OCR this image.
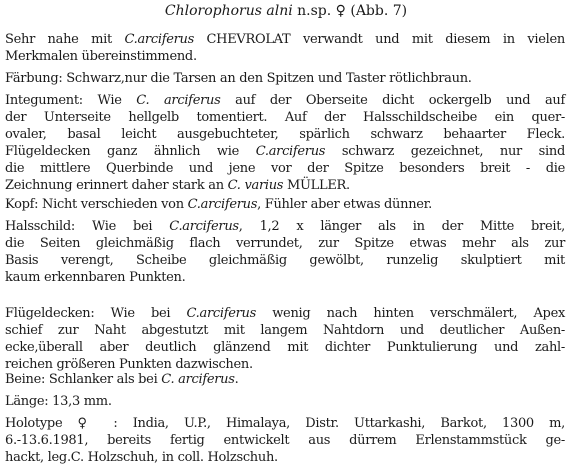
Chlorophorus alni n.sp. ♀ (Abb. 7)
Sehr nahe mit C.arciferus CHEVROLAT verwandt und mit diesem in vielen
Merkmalen übereinstimmend.
Färbung: Schwarz,nur die Tarsen an den Spitzen und Taster rötlichbraun.
Integument: Wie C. arciferus auf der Oberseite dicht ockergelb und auf
der Unterseite hellgelb tomentiert. Auf der Halsschildscheibe ein quer-
ovaler, basal leicht ausgebuchteter, spärlich schwarz behaarter Fleck.
Flügeldecken ganz ähnlich wie C.arciferus schwarz gezeichnet, nur sind
die mittlere Querbinde und jene vor der Spitze besonders breit - die
Zeichnung erinnert daher stark an C. varius MÜLLER.
Kopf: Nicht verschieden von C.arciferus, Fühler aber etwas dünner.
Halsschild: Wie bei C.arciferus, 1,2 x länger als in der Mitte breit,
die Seiten gleichmäßig flach verrundet, zur Spitze etwas mehr als zur
Basis verengt, Scheibe gleichmäßig gewölbt, runzelig skulptiert mit
kaum erkennbaren Punkten.
Flügeldecken: Wie bei C.arciferus wenig nach hinten verschmälert, Apex
schief zur Naht abgestutzt mit langem Nahtdorn und deutlicher Außen-
ecke,überall aber deutlich glänzend mit dichter Punktulierung und zahl-
reichen größeren Punkten dazwischen.
Beine: Schlanker als bei C. arciferus.
Länge: 13,3 mm.
Holotype ♀ : India, U.P., Himalaya, Distr. Uttarkashi, Barkot, 1300 m,
6.-13.6.1981, bereits fertig entwickelt aus dürrem Erlenstammstück ge-
hackt, leg.C. Holzschuh, in coll. Holzschuh.
